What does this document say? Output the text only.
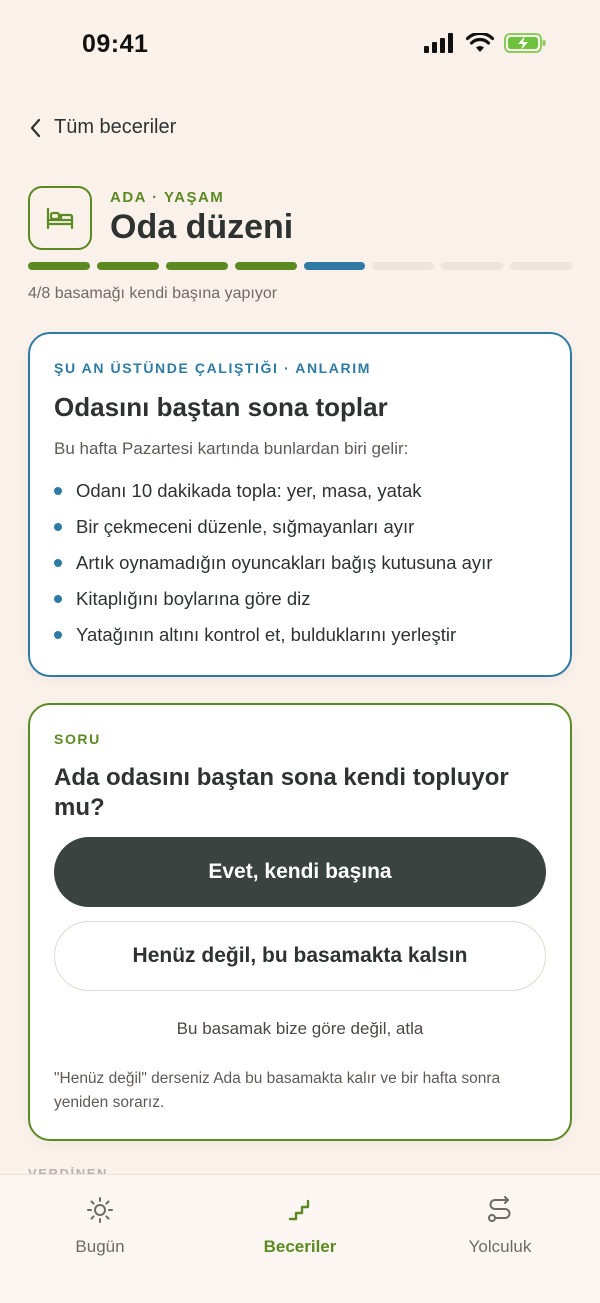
09:41
Tüm beceriler
ADA · YAŞAM
Oda düzeni
4/8 basamağı kendi başına yapıyor
ŞU AN ÜSTÜNDE ÇALIŞTIĞI · ANLARIM
Odasını baştan sona toplar
Bu hafta Pazartesi kartında bunlardan biri gelir:
Odanı 10 dakikada topla: yer, masa, yatak
Bir çekmeceni düzenle, sığmayanları ayır
Artık oynamadığın oyuncakları bağış kutusuna ayır
Kitaplığını boylarına göre diz
Yatağının altını kontrol et, bulduklarını yerleştir
SORU
Ada odasını baştan sona kendi topluyor mu?
Evet, kendi başına
Henüz değil, bu basamakta kalsın
Bu basamak bize göre değil, atla
"Henüz değil" derseniz Ada bu basamakta kalır ve bir hafta sonra yeniden sorarız.
Bugün	Beceriler	Yolculuk
